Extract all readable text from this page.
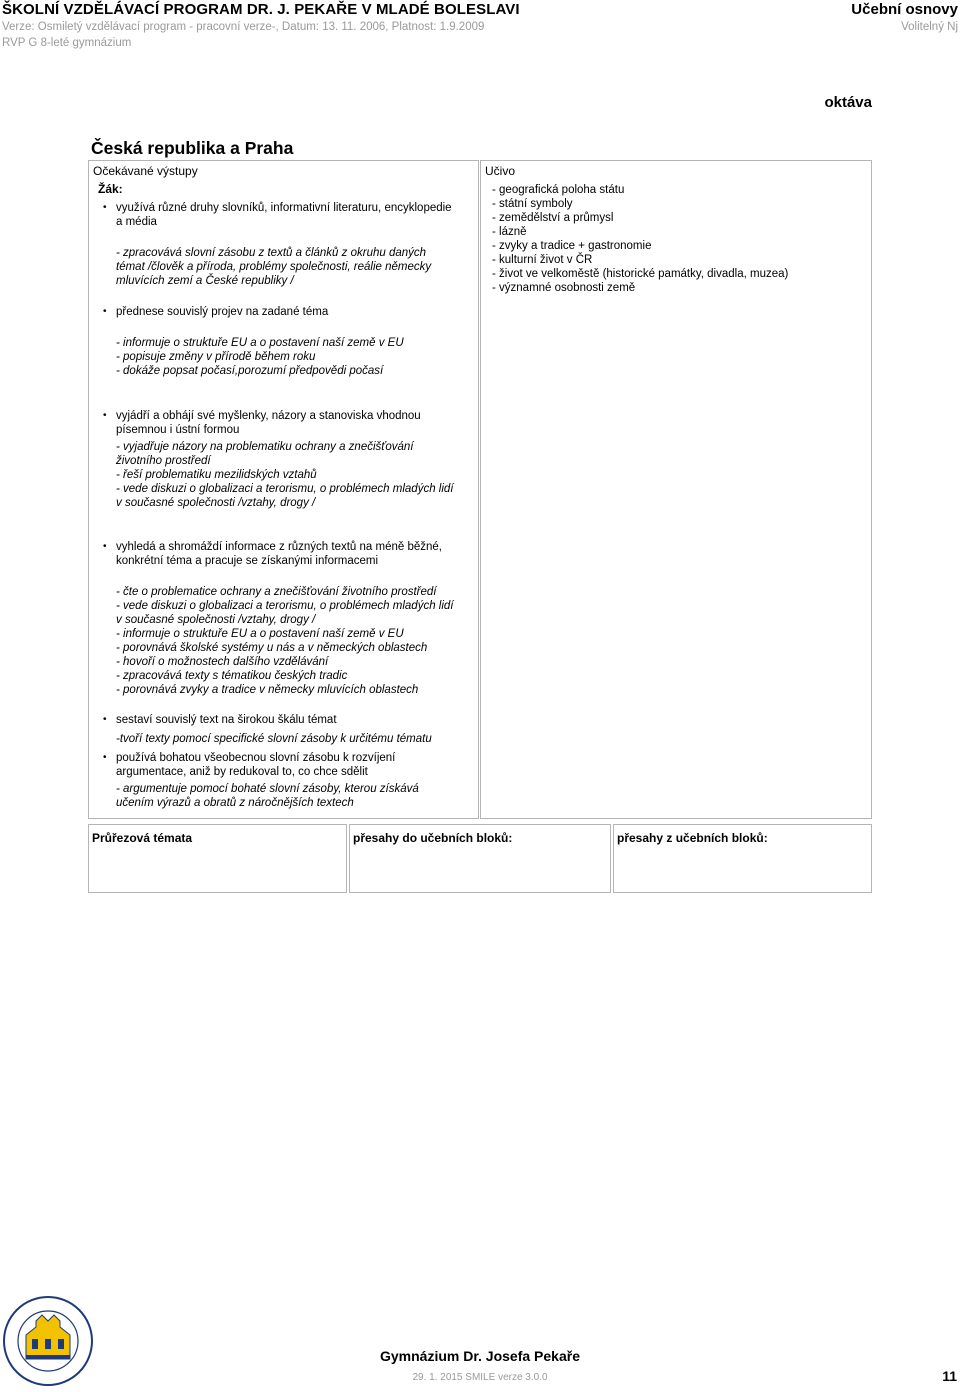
ŠKOLNÍ VZDĚLÁVACÍ PROGRAM DR. J. PEKAŘE V MLADÉ BOLESLAVI
Verze: Osmiletý vzdělávací program - pracovní verze-, Datum: 13. 11. 2006, Platnost: 1.9.2009
RVP G 8-leté gymnázium
Učební osnovy
Volitelný Nj
oktáva
Česká republika a Praha
Očekávané výstupy
Žák:
• využívá různé druhy slovníků, informativní literaturu, encyklopedie
a média
- zpracovává slovní zásobu z textů a článků z okruhu daných
témat /člověk a příroda, problémy společnosti, reálie německy
mluvících zemí a České republiky /
• přednese souvislý projev na zadané téma
- informuje o struktuře EU a o postavení naší země v EU
- popisuje změny v přírodě během roku
- dokáže popsat počasí,porozumí předpovědi počasí
• vyjádří a obhájí své myšlenky, názory a stanoviska vhodnou
písemnou i ústní formou
- vyjadřuje názory na problematiku ochrany a znečišťování
životního prostředí
- řeší problematiku mezilidských vztahů
- vede diskuzi o globalizaci a terorismu, o problémech mladých lidí
v současné společnosti /vztahy, drogy /
• vyhledá a shromáždí informace z různých textů na méně běžné,
konkrétní téma a pracuje se získanými informacemi
- čte o problematice ochrany a znečišťování životního prostředí
- vede diskuzi o globalizaci a terorismu, o problémech mladých lidí
v současné společnosti /vztahy, drogy /
- informuje o struktuře EU a o postavení naší země v EU
- porovnává školské systémy u nás a v německých oblastech
- hovoří o možnostech dalšího vzdělávání
- zpracovává texty s tématikou českých tradic
- porovnává zvyky a tradice v německy mluvících oblastech
• sestaví souvislý text na širokou škálu témat
-tvoří texty pomocí specifické slovní zásoby k určitému tématu
• používá bohatou všeobecnou slovní zásobu k rozvíjení
argumentace, aniž by redukoval to, co chce sdělit
- argumentuje pomocí bohaté slovní zásoby, kterou získává
učením výrazů a obratů z náročnějších textech
Učivo
- geografická poloha státu
- státní symboly
- zemědělství a průmysl
- lázně
- zvyky a tradice + gastronomie
- kulturní život v ČR
- život ve velkoměstě (historické památky, divadla, muzea)
- významné osobnosti země
Průřezová témata	přesahy do učebních bloků:	přesahy z učebních bloků:
Gymnázium Dr. Josefa Pekaře
29. 1. 2015 SMILE verze 3.0.0	11
